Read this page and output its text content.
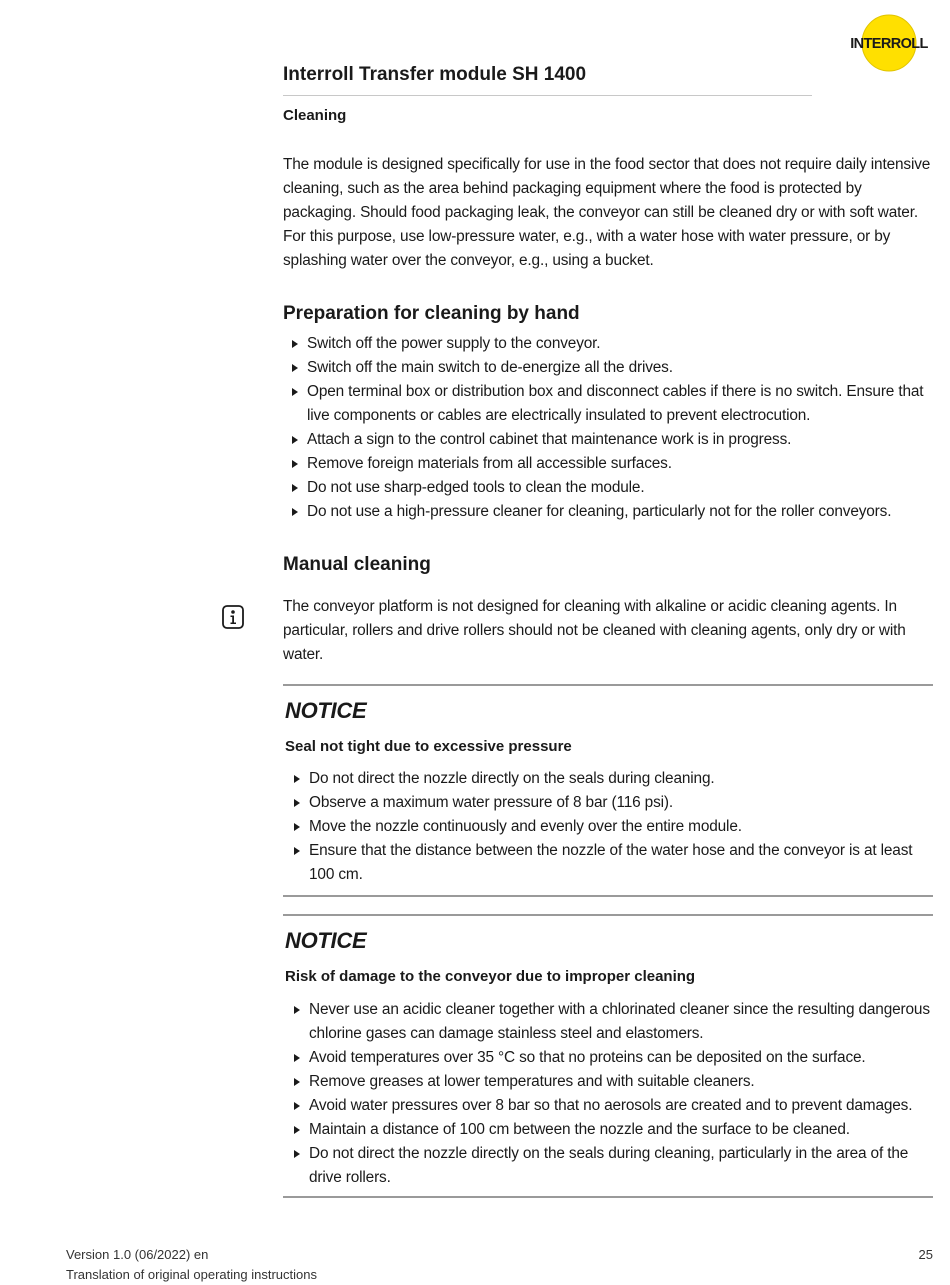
INTERROLL
Interroll Transfer module SH 1400
Cleaning

The module is designed specifically for use in the food sector that does not require daily intensive cleaning, such as the area behind packaging equipment where the food is protected by packaging. Should food packaging leak, the conveyor can still be cleaned dry or with soft water. For this purpose, use low-pressure water, e.g., with a water hose with water pressure, or by splashing water over the conveyor, e.g., using a bucket.

Preparation for cleaning by hand
Switch off the power supply to the conveyor.
Switch off the main switch to de-energize all the drives.
Open terminal box or distribution box and disconnect cables if there is no switch. Ensure that live components or cables are electrically insulated to prevent electrocution.
Attach a sign to the control cabinet that maintenance work is in progress.
Remove foreign materials from all accessible surfaces.
Do not use sharp-edged tools to clean the module.
Do not use a high-pressure cleaner for cleaning, particularly not for the roller conveyors.
Manual cleaning

The conveyor platform is not designed for cleaning with alkaline or acidic cleaning agents. In particular, rollers and drive rollers should not be cleaned with cleaning agents, only dry or with water.

NOTICE
Seal not tight due to excessive pressure
Do not direct the nozzle directly on the seals during cleaning.
Observe a maximum water pressure of 8 bar (116 psi).
Move the nozzle continuously and evenly over the entire module.
Ensure that the distance between the nozzle of the water hose and the conveyor is at least 100 cm.
NOTICE
Risk of damage to the conveyor due to improper cleaning
Never use an acidic cleaner together with a chlorinated cleaner since the resulting dangerous chlorine gases can damage stainless steel and elastomers.
Avoid temperatures over 35 °C so that no proteins can be deposited on the surface.
Remove greases at lower temperatures and with suitable cleaners.
Avoid water pressures over 8 bar so that no aerosols are created and to prevent damages.
Maintain a distance of 100 cm between the nozzle and the surface to be cleaned.
Do not direct the nozzle directly on the seals during cleaning, particularly in the area of the drive rollers.

Version 1.0 (06/2022) en
Translation of original operating instructions

25
